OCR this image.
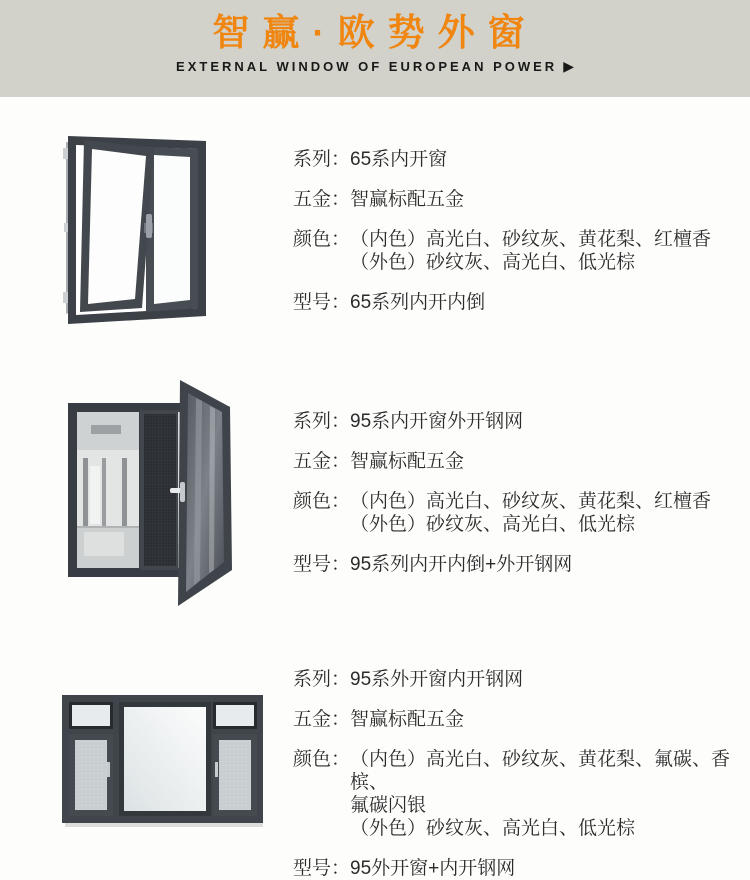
智赢·欧势外窗
EXTERNAL WINDOW OF EUROPEAN POWER ▶
系列： 65系内开窗
五金： 智赢标配五金
颜色： （内色）高光白、砂纹灰、黄花梨、红檀香
（外色）砂纹灰、高光白、低光棕
型号： 65系列内开内倒
系列： 95系内开窗外开钢网
五金： 智赢标配五金
颜色： （内色）高光白、砂纹灰、黄花梨、红檀香
（外色）砂纹灰、高光白、低光棕
型号： 95系列内开内倒+外开钢网
系列： 95系外开窗内开钢网
五金： 智赢标配五金
颜色： （内色）高光白、砂纹灰、黄花梨、氟碳、香槟、
氟碳闪银
（外色）砂纹灰、高光白、低光棕
型号： 95外开窗+内开钢网
